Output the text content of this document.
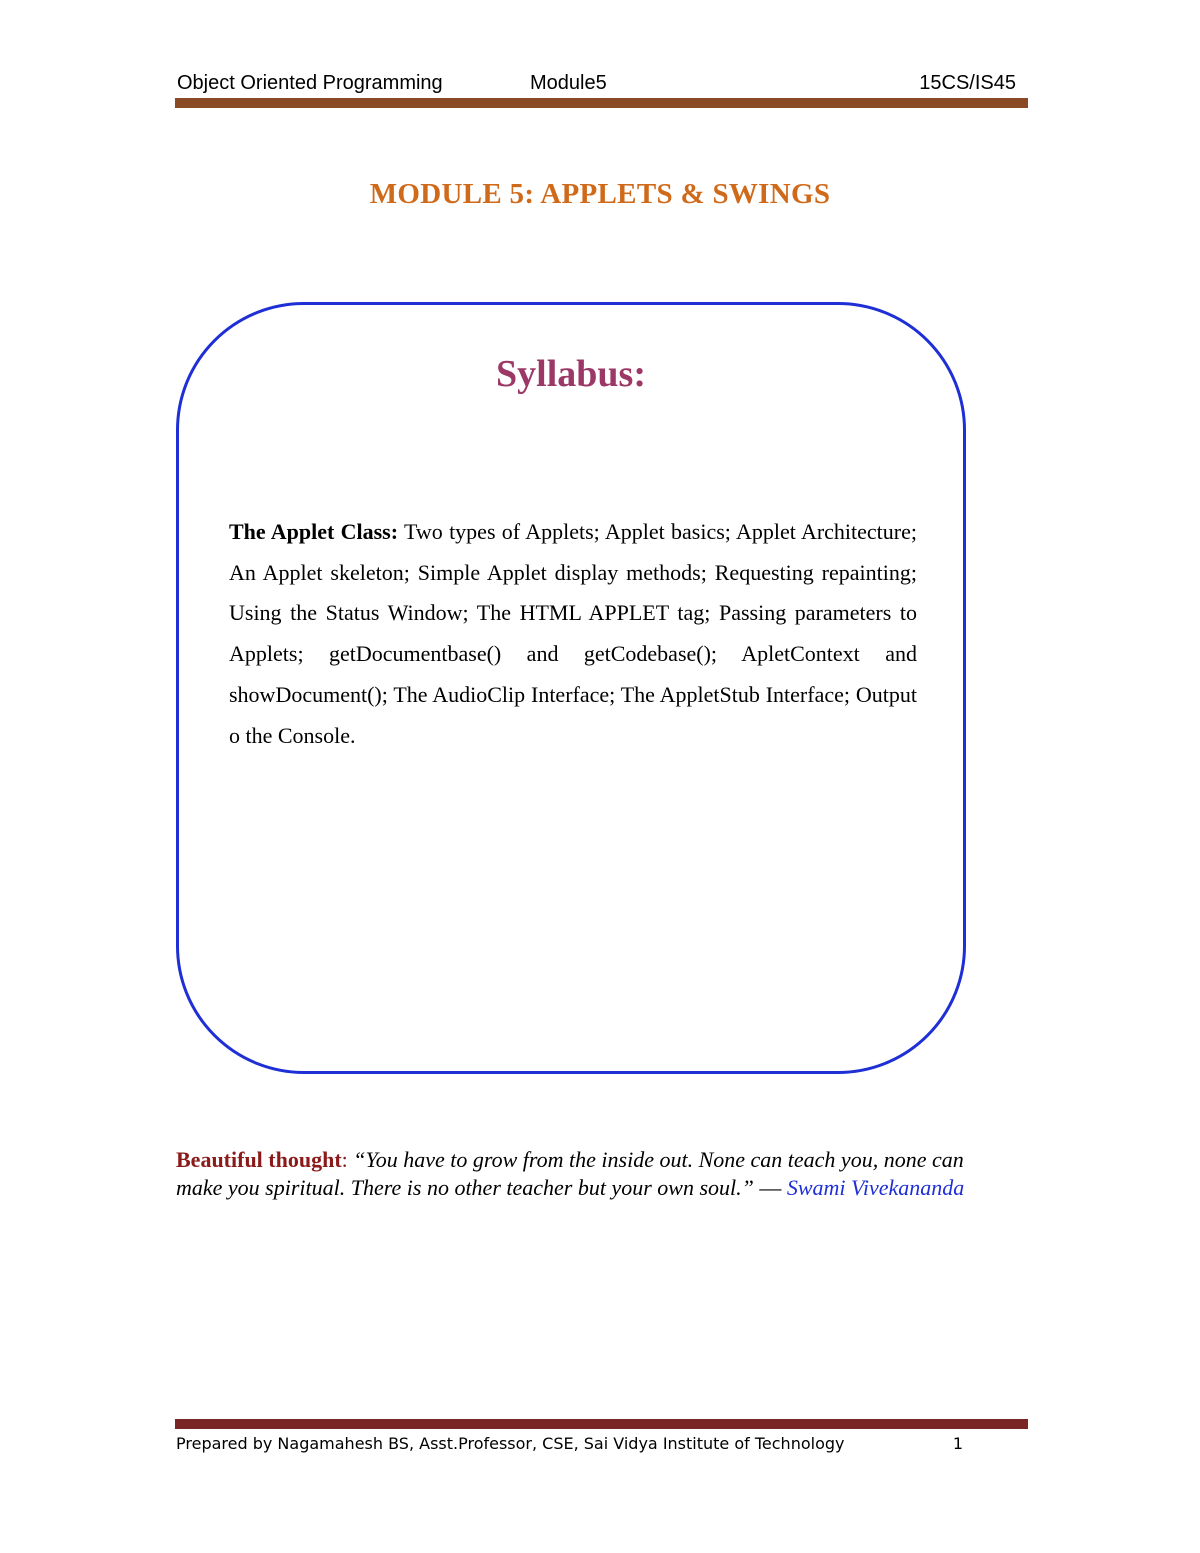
Object Oriented Programming	Module5	15CS/IS45
MODULE 5: APPLETS & SWINGS
Syllabus:
The Applet Class: Two types of Applets; Applet basics; Applet Architecture; An Applet skeleton; Simple Applet display methods; Requesting repainting; Using the Status Window; The HTML APPLET tag; Passing parameters to Applets; getDocumentbase() and getCodebase(); ApletContext and showDocument(); The AudioClip Interface; The AppletStub Interface; Output o the Console.
Beautiful thought: “You have to grow from the inside out. None can teach you, none can make you spiritual. There is no other teacher but your own soul.” ― Swami Vivekananda
Prepared by Nagamahesh BS, Asst.Professor, CSE, Sai Vidya Institute of Technology	1
